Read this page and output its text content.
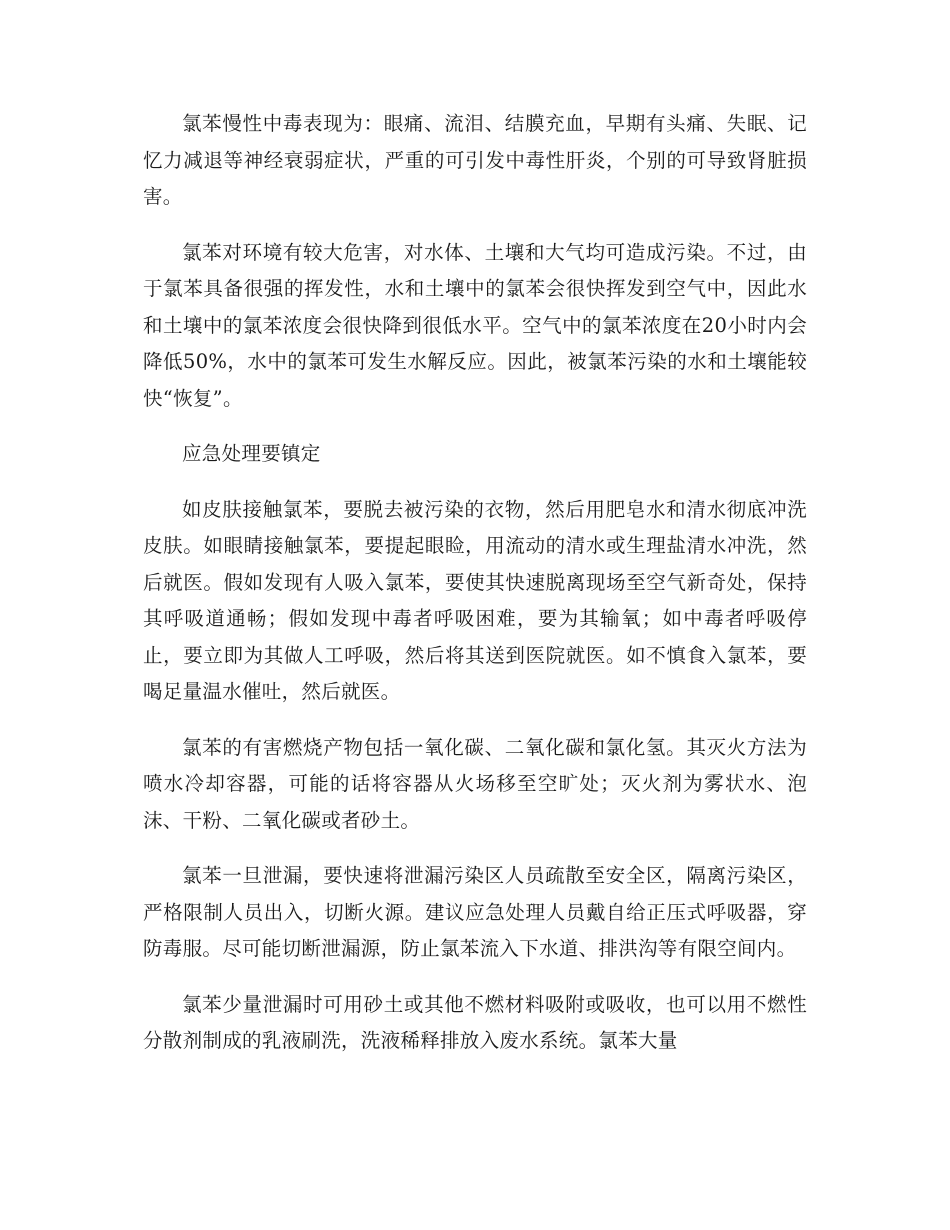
氯苯慢性中毒表现为：眼痛、流泪、结膜充血，早期有头痛、失眠、记忆力减退等神经衰弱症状，严重的可引发中毒性肝炎，个别的可导致肾脏损害。

氯苯对环境有较大危害，对水体、土壤和大气均可造成污染。不过，由于氯苯具备很强的挥发性，水和土壤中的氯苯会很快挥发到空气中，因此水和土壤中的氯苯浓度会很快降到很低水平。空气中的氯苯浓度在20小时内会降低50%，水中的氯苯可发生水解反应。因此，被氯苯污染的水和土壤能较快“恢复”。

应急处理要镇定

如皮肤接触氯苯，要脱去被污染的衣物，然后用肥皂水和清水彻底冲洗皮肤。如眼睛接触氯苯，要提起眼睑，用流动的清水或生理盐清水冲洗，然后就医。假如发现有人吸入氯苯，要使其快速脱离现场至空气新奇处，保持其呼吸道通畅；假如发现中毒者呼吸困难，要为其输氧；如中毒者呼吸停止，要立即为其做人工呼吸，然后将其送到医院就医。如不慎食入氯苯，要喝足量温水催吐，然后就医。

氯苯的有害燃烧产物包括一氧化碳、二氧化碳和氯化氢。其灭火方法为喷水冷却容器，可能的话将容器从火场移至空旷处；灭火剂为雾状水、泡沫、干粉、二氧化碳或者砂土。

氯苯一旦泄漏，要快速将泄漏污染区人员疏散至安全区，隔离污染区，严格限制人员出入，切断火源。建议应急处理人员戴自给正压式呼吸器，穿防毒服。尽可能切断泄漏源，防止氯苯流入下水道、排洪沟等有限空间内。

氯苯少量泄漏时可用砂土或其他不燃材料吸附或吸收，也可以用不燃性分散剂制成的乳液刷洗，洗液稀释排放入废水系统。氯苯大量
